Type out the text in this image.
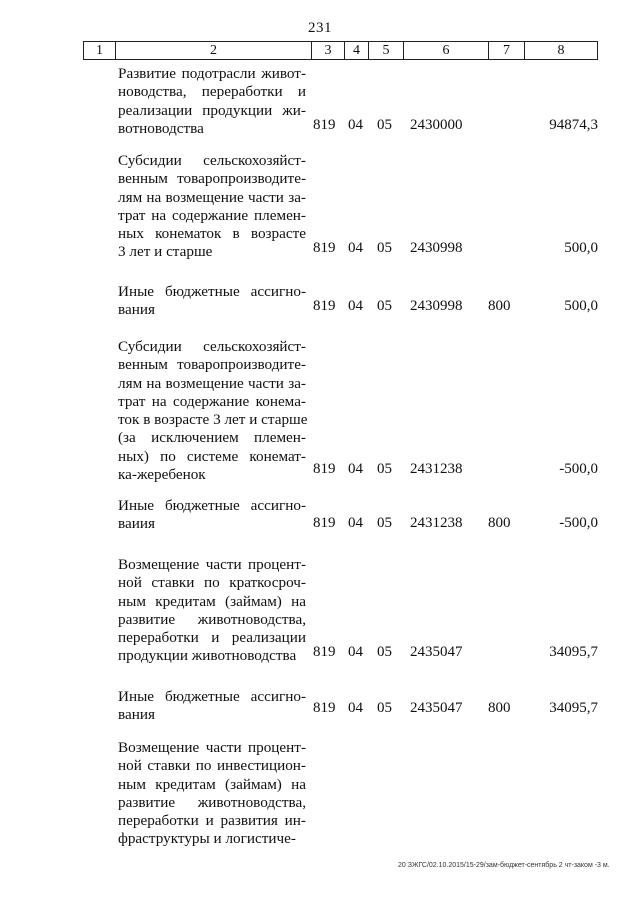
231
1	2	3	4	5	6	7	8
Развитие подотрасли живот-
новодства, переработки и
реализации продукции жи-
вотноводства	819 04 05 2430000	94874,3
Субсидии сельскохозяйст-
венным товаропроизводите-
лям на возмещение части за-
трат на содержание племен-
ных конематок в возрасте
3 лет и старше	819 04 05 2430998	500,0
Иные бюджетные ассигно-
вания	819 04 05 2430998 800	500,0
Субсидии сельскохозяйст-
венным товаропроизводите-
лям на возмещение части за-
трат на содержание конема-
ток в возрасте 3 лет и старше
(за исключением племен-
ных) по системе конемат-
ка-жеребенок	819 04 05 2431238	-500,0
Иные бюджетные ассигно-
ваиия	819 04 05 2431238 800	-500,0
Возмещение части процент-
ной ставки по краткосроч-
ным кредитам (займам) на
развитие животноводства,
переработки и реализации
продукции животноводства	819 04 05 2435047	34095,7
Иные бюджетные ассигно-
вания	819 04 05 2435047 800	34095,7
Возмещение части процент-
ной ставки по инвестицион-
ным кредитам (займам) на
развитие животноводства,
переработки и развития ин-
фраструктуры и логистиче-
20 ЗЖГС/02.10.2015/15-29/зам-бюджет-сентябрь 2 чт-заком -3 м.
